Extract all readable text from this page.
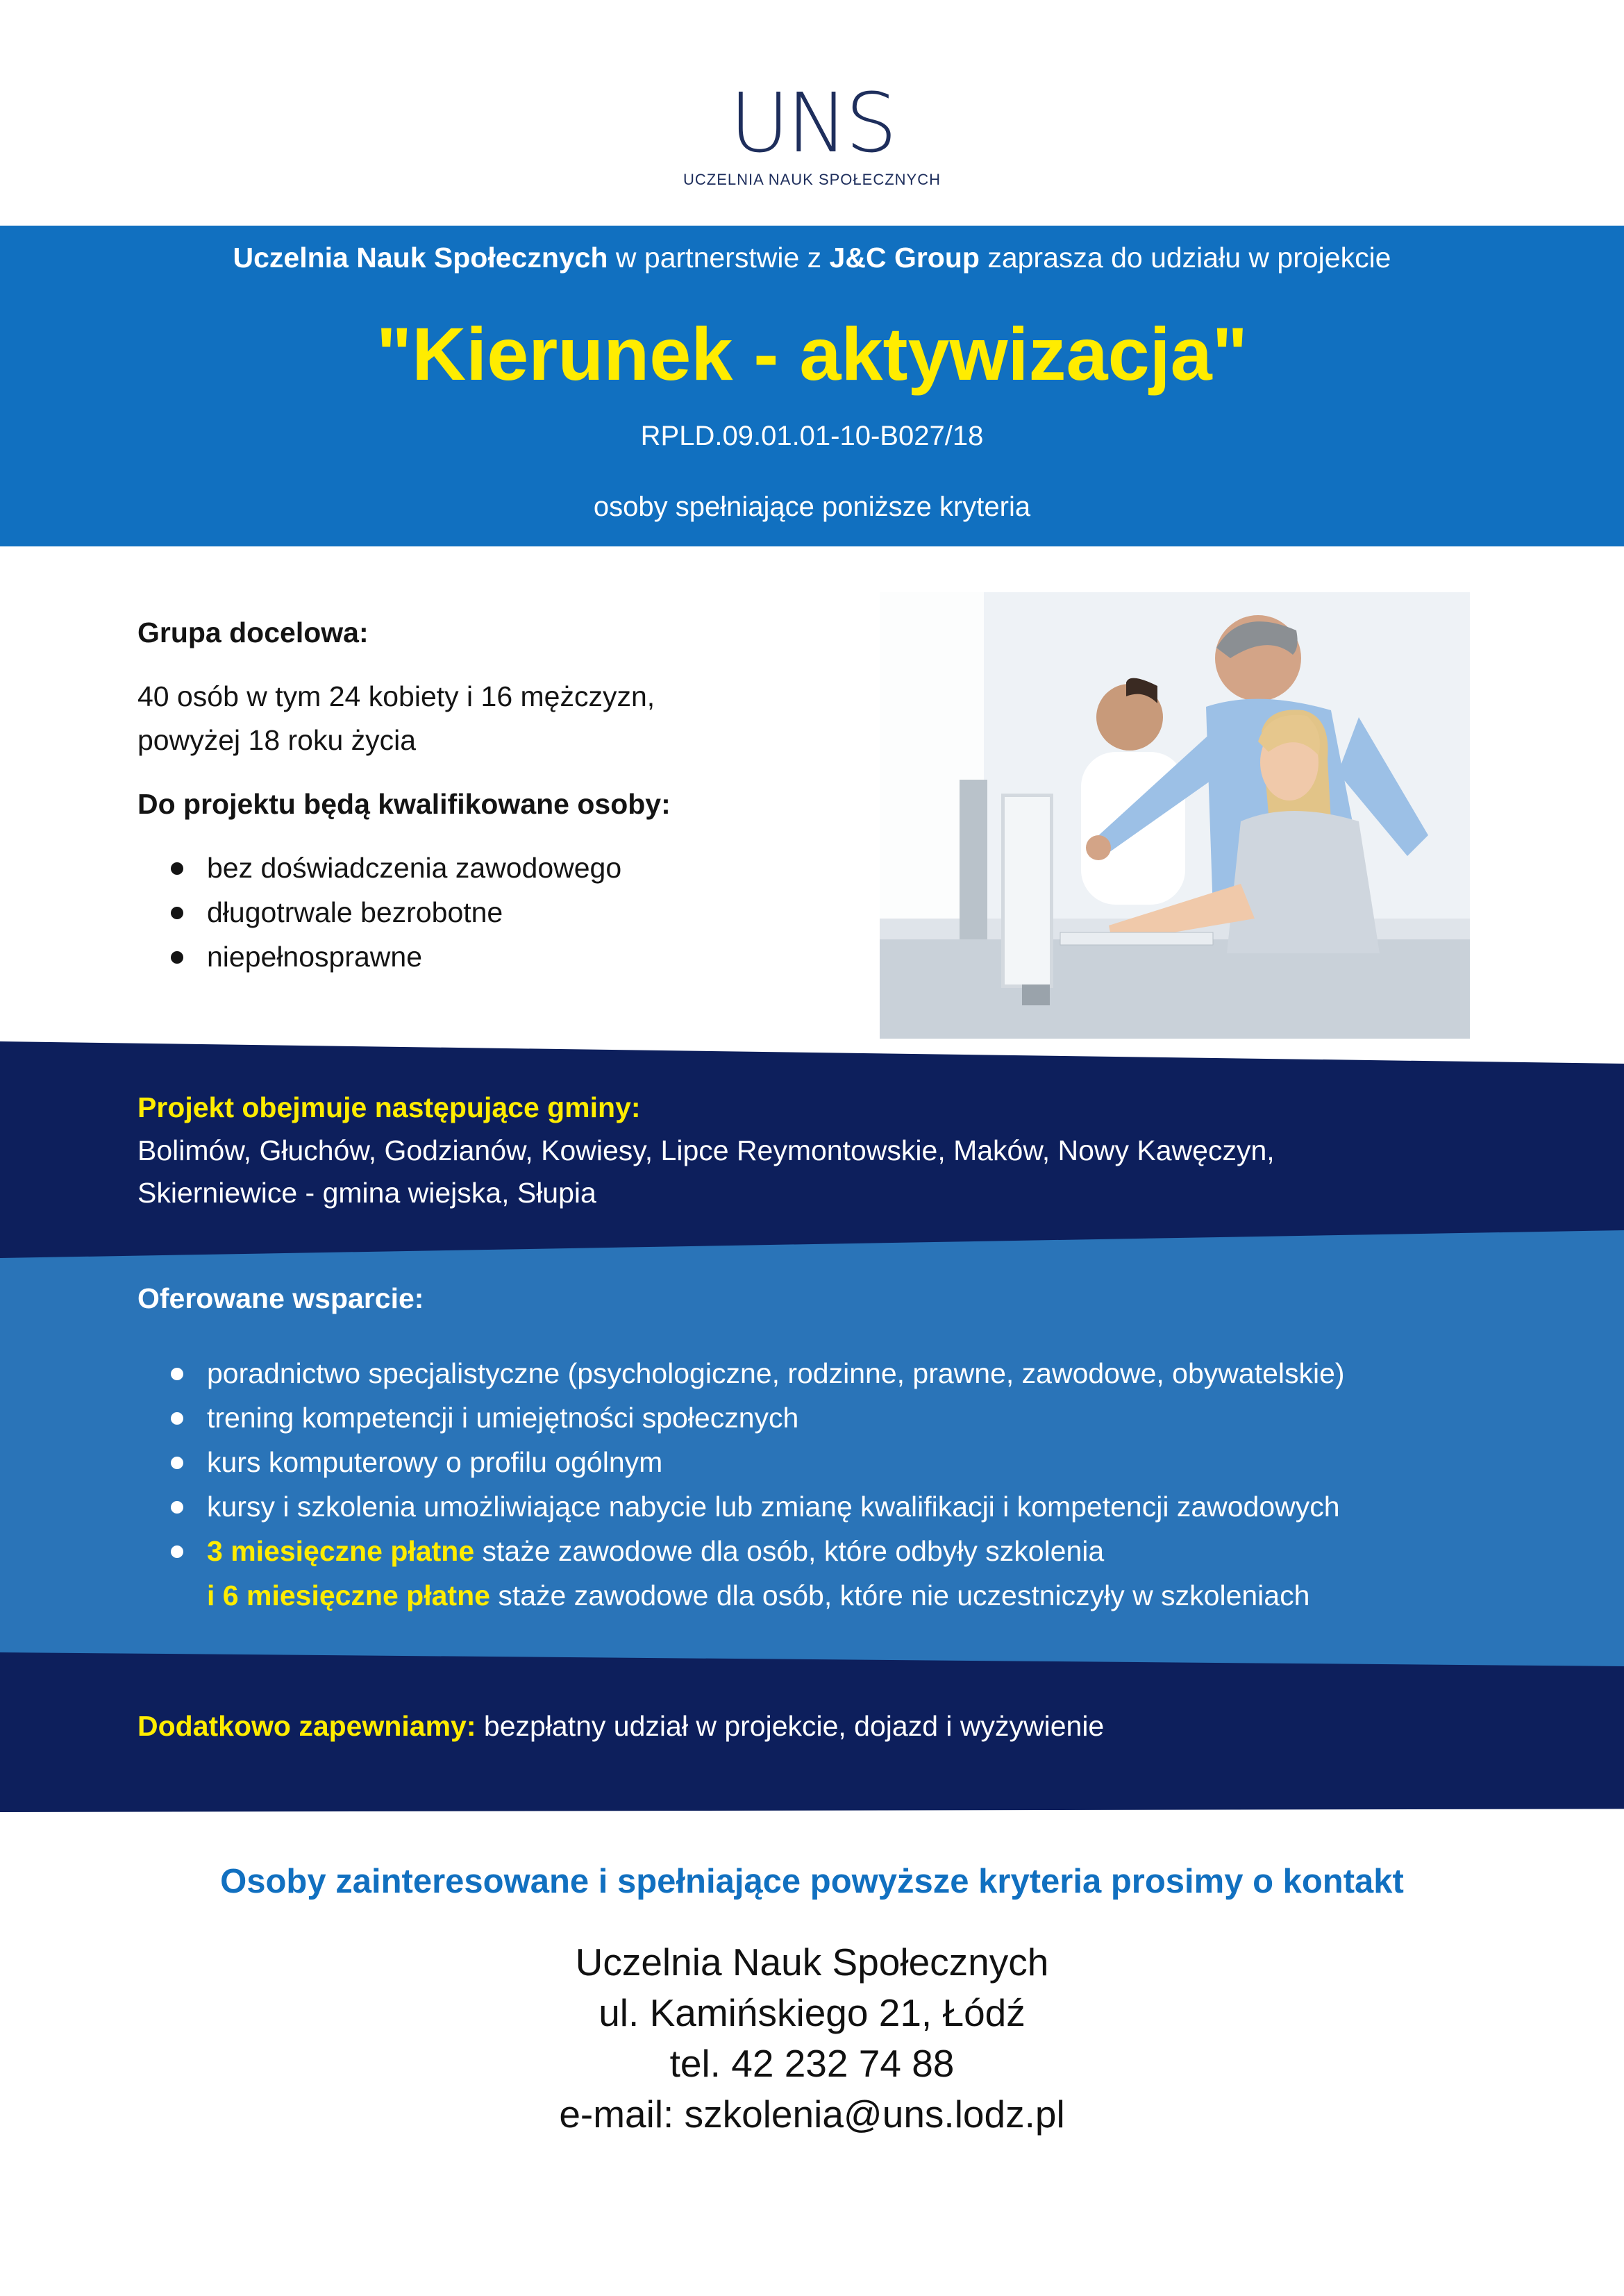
UNS
UCZELNIA NAUK SPOŁECZNYCH
Uczelnia Nauk Społecznych w partnerstwie z J&C Group zaprasza do udziału w projekcie
"Kierunek - aktywizacja"
RPLD.09.01.01-10-B027/18
osoby spełniające poniższe kryteria
Grupa docelowa:

40 osób w tym 24 kobiety i 16 mężczyzn,
powyżej 18 roku życia

Do projektu będą kwalifikowane osoby:
bez doświadczenia zawodowego
długotrwale bezrobotne
niepełnosprawne
Projekt obejmuje następujące gminy:
Bolimów, Głuchów, Godzianów, Kowiesy, Lipce Reymontowskie, Maków, Nowy Kawęczyn,
Skierniewice - gmina wiejska, Słupia
Oferowane wsparcie:
poradnictwo specjalistyczne (psychologiczne, rodzinne, prawne, zawodowe, obywatelskie)
trening kompetencji i umiejętności społecznych
kurs komputerowy o profilu ogólnym
kursy i szkolenia umożliwiające nabycie lub zmianę kwalifikacji i kompetencji zawodowych
3 miesięczne płatne staże zawodowe dla osób, które odbyły szkolenia
i 6 miesięczne płatne staże zawodowe dla osób, które nie uczestniczyły w szkoleniach
Dodatkowo zapewniamy: bezpłatny udział w projekcie, dojazd i wyżywienie
Osoby zainteresowane i spełniające powyższe kryteria prosimy o kontakt
Uczelnia Nauk Społecznych
ul. Kamińskiego 21, Łódź
tel. 42 232 74 88
e-mail: szkolenia@uns.lodz.pl
